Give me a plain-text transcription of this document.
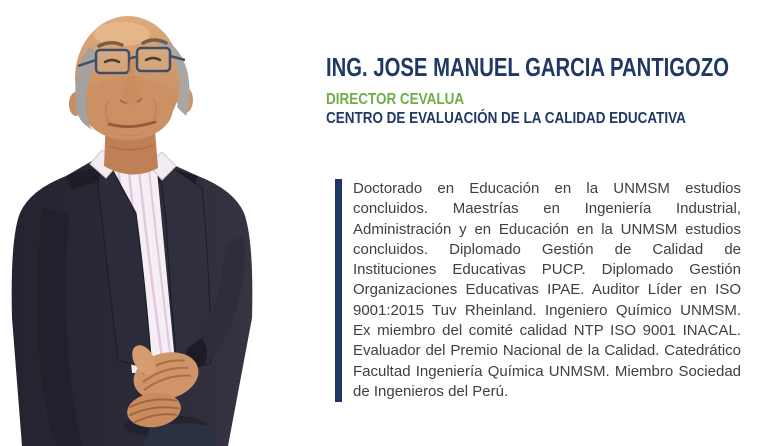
ING. JOSE MANUEL GARCIA PANTIGOZO
DIRECTOR CEVALUA
CENTRO DE EVALUACIÓN DE LA CALIDAD EDUCATIVA

Doctorado en Educación en la UNMSM estudios concluidos. Maestrías en Ingeniería Industrial, Administración y en Educación en la UNMSM estudios concluidos. Diplomado Gestión de Calidad de Instituciones Educativas PUCP. Diplomado Gestión Organizaciones Educativas IPAE. Auditor Líder en ISO 9001:2015 Tuv Rheinland. Ingeniero Químico UNMSM. Ex miembro del comité calidad NTP ISO 9001 INACAL. Evaluador del Premio Nacional de la Calidad. Catedrático Facultad Ingeniería Química UNMSM. Miembro Sociedad de Ingenieros del Perú.
